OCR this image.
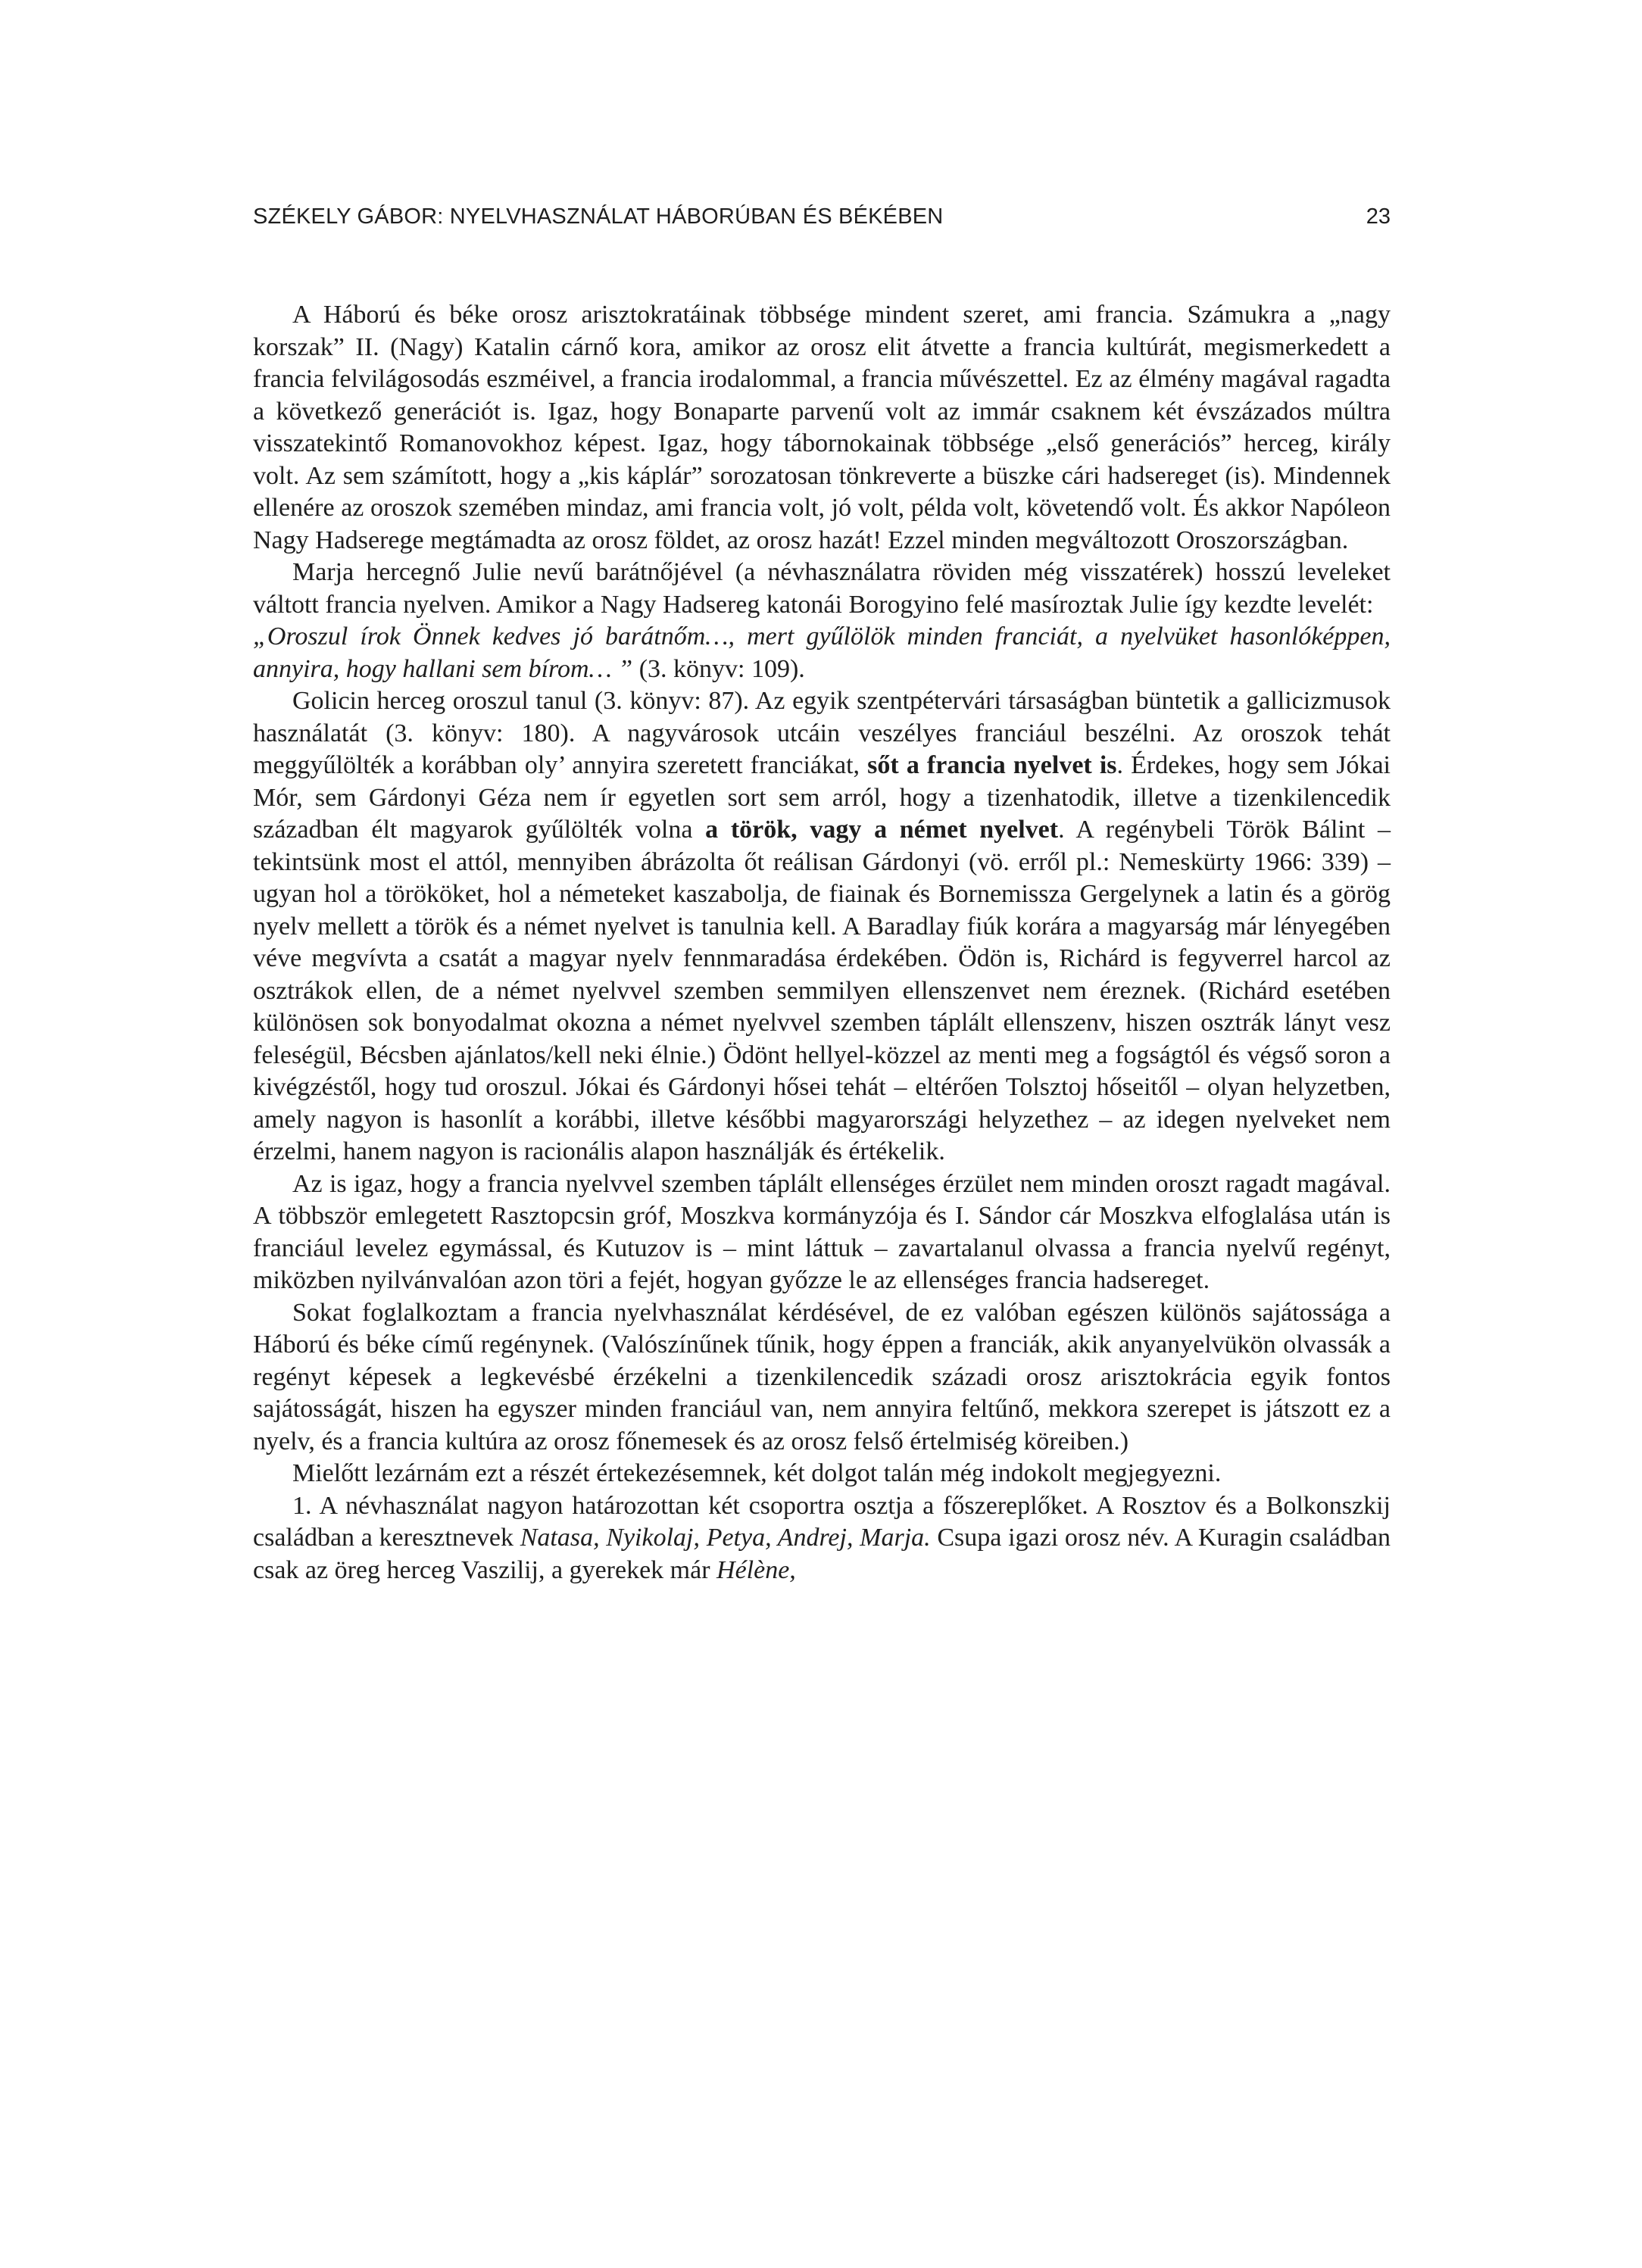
SZÉKELY GÁBOR: NYELVHASZNÁLAT HÁBORÚBAN ÉS BÉKÉBEN	23

A Háború és béke orosz arisztokratáinak többsége mindent szeret, ami francia. Számukra a „nagy korszak” II. (Nagy) Katalin cárnő kora, amikor az orosz elit átvette a francia kultúrát, megismerkedett a francia felvilágosodás eszméivel, a francia irodalommal, a francia művészettel. Ez az élmény magával ragadta a következő generációt is. Igaz, hogy Bonaparte parvenű volt az immár csaknem két évszázados múltra visszatekintő Romanovokhoz képest. Igaz, hogy tábornokainak többsége „első generációs” herceg, király volt. Az sem számított, hogy a „kis káplár” sorozatosan tönkreverte a büszke cári hadsereget (is). Mindennek ellenére az oroszok szemében mindaz, ami francia volt, jó volt, példa volt, követendő volt. És akkor Napóleon Nagy Hadserege megtámadta az orosz földet, az orosz hazát! Ezzel minden megváltozott Oroszországban.

Marja hercegnő Julie nevű barátnőjével (a névhasználatra röviden még visszatérek) hosszú leveleket váltott francia nyelven. Amikor a Nagy Hadsereg katonái Borogyino felé masíroztak Julie így kezdte levelét:

„Oroszul írok Önnek kedves jó barátnőm…, mert gyűlölök minden franciát, a nyelvüket hasonlóképpen, annyira, hogy hallani sem bírom… ” (3. könyv: 109).

Golicin herceg oroszul tanul (3. könyv: 87). Az egyik szentpétervári társaságban büntetik a gallicizmusok használatát (3. könyv: 180). A nagyvárosok utcáin veszélyes franciául beszélni. Az oroszok tehát meggyűlölték a korábban oly’ annyira szeretett franciákat, sőt a francia nyelvet is. Érdekes, hogy sem Jókai Mór, sem Gárdonyi Géza nem ír egyetlen sort sem arról, hogy a tizenhatodik, illetve a tizenkilencedik században élt magyarok gyűlölték volna a török, vagy a német nyelvet. A regénybeli Török Bálint – tekintsünk most el attól, mennyiben ábrázolta őt reálisan Gárdonyi (vö. erről pl.: Nemeskürty 1966: 339) – ugyan hol a törököket, hol a németeket kaszabolja, de fiainak és Bornemissza Gergelynek a latin és a görög nyelv mellett a török és a német nyelvet is tanulnia kell. A Baradlay fiúk korára a magyarság már lényegében véve megvívta a csatát a magyar nyelv fennmaradása érdekében. Ödön is, Richárd is fegyverrel harcol az osztrákok ellen, de a német nyelvvel szemben semmilyen ellenszenvet nem éreznek. (Richárd esetében különösen sok bonyodalmat okozna a német nyelvvel szemben táplált ellenszenv, hiszen osztrák lányt vesz feleségül, Bécsben ajánlatos/kell neki élnie.) Ödönt hellyel-közzel az menti meg a fogságtól és végső soron a kivégzéstől, hogy tud oroszul. Jókai és Gárdonyi hősei tehát – eltérően Tolsztoj hőseitől – olyan helyzetben, amely nagyon is hasonlít a korábbi, illetve későbbi magyarországi helyzethez – az idegen nyelveket nem érzelmi, hanem nagyon is racionális alapon használják és értékelik.

Az is igaz, hogy a francia nyelvvel szemben táplált ellenséges érzület nem minden oroszt ragadt magával. A többször emlegetett Rasztopcsin gróf, Moszkva kormányzója és I. Sándor cár Moszkva elfoglalása után is franciául levelez egymással, és Kutuzov is – mint láttuk – zavartalanul olvassa a francia nyelvű regényt, miközben nyilvánvalóan azon töri a fejét, hogyan győzze le az ellenséges francia hadsereget.

Sokat foglalkoztam a francia nyelvhasználat kérdésével, de ez valóban egészen különös sajátossága a Háború és béke című regénynek. (Valószínűnek tűnik, hogy éppen a franciák, akik anyanyelvükön olvassák a regényt képesek a legkevésbé érzékelni a tizenkilencedik századi orosz arisztokrácia egyik fontos sajátosságát, hiszen ha egyszer minden franciául van, nem annyira feltűnő, mekkora szerepet is játszott ez a nyelv, és a francia kultúra az orosz főnemesek és az orosz felső értelmiség köreiben.)

Mielőtt lezárnám ezt a részét értekezésemnek, két dolgot talán még indokolt megjegyezni.

1. A névhasználat nagyon határozottan két csoportra osztja a főszereplőket. A Rosztov és a Bolkonszkij családban a keresztnevek Natasa, Nyikolaj, Petya, Andrej, Marja. Csupa igazi orosz név. A Kuragin családban csak az öreg herceg Vaszilij, a gyerekek már Hélène,
